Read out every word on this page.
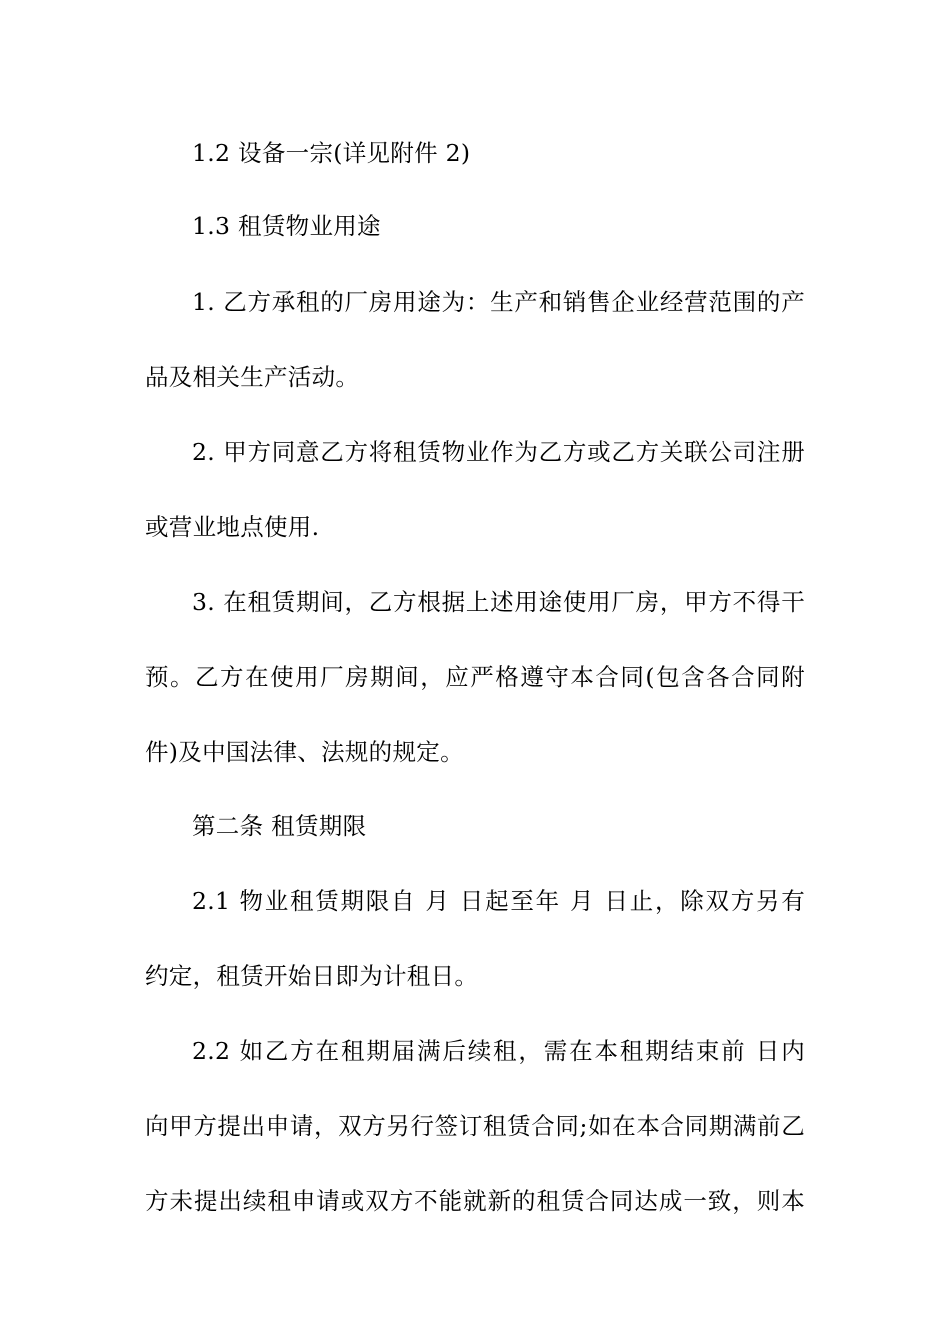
1.2 设备一宗(详见附件 2)
1.3 租赁物业用途
1. 乙方承租的厂房用途为：生产和销售企业经营范围的产
品及相关生产活动。
2. 甲方同意乙方将租赁物业作为乙方或乙方关联公司注册
或营业地点使用.
3. 在租赁期间，乙方根据上述用途使用厂房，甲方不得干
预。乙方在使用厂房期间，应严格遵守本合同(包含各合同附
件)及中国法律、法规的规定。
第二条 租赁期限
2.1 物业租赁期限自 月 日起至年 月 日止，除双方另有
约定，租赁开始日即为计租日。
2.2 如乙方在租期届满后续租，需在本租期结束前 日内
向甲方提出申请，双方另行签订租赁合同;如在本合同期满前乙
方未提出续租申请或双方不能就新的租赁合同达成一致，则本
